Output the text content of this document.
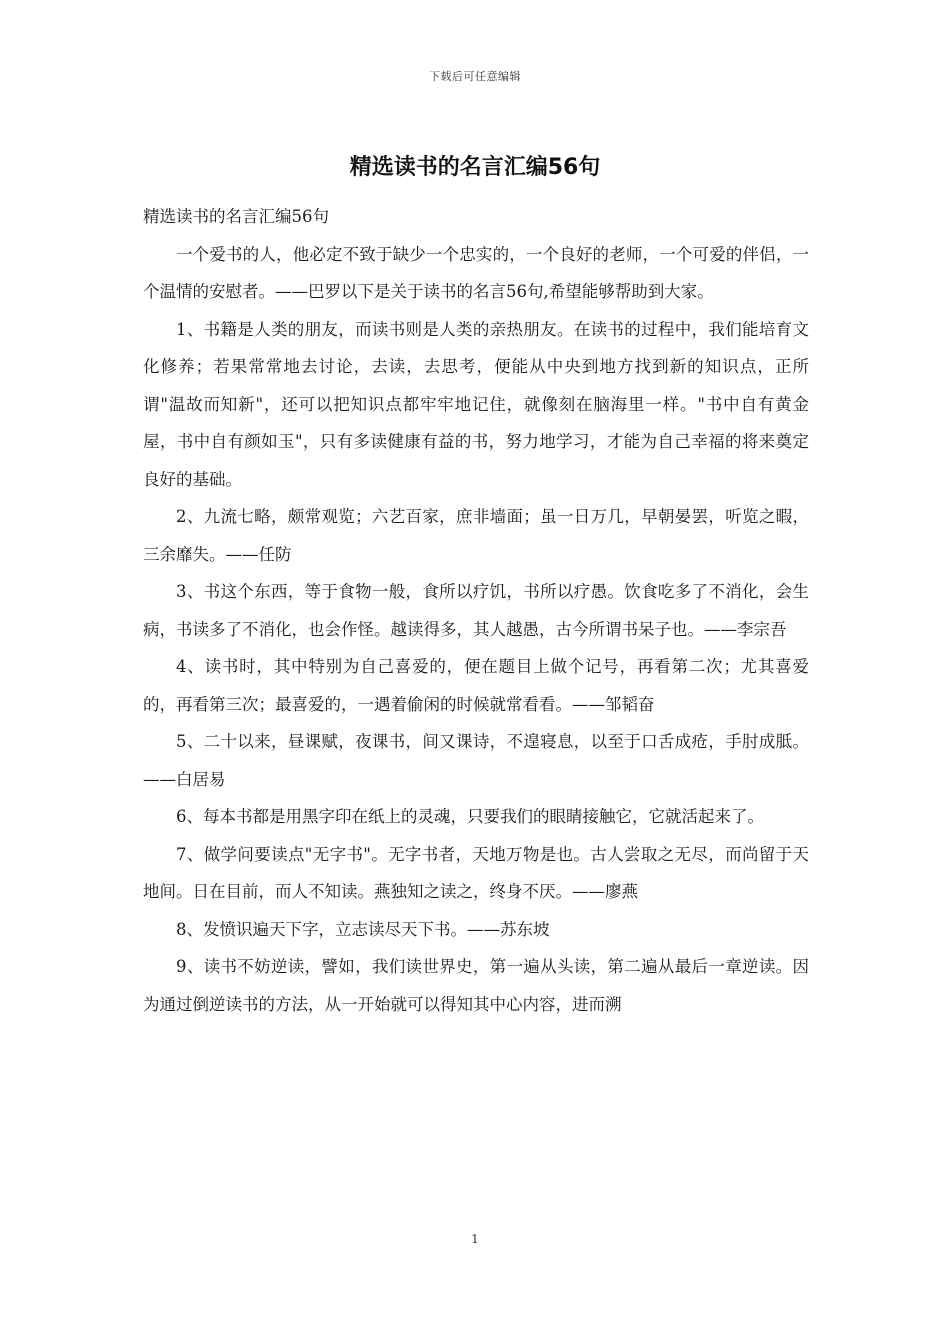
下载后可任意编辑
精选读书的名言汇编56句

精选读书的名言汇编56句

一个爱书的人，他必定不致于缺少一个忠实的，一个良好的老师，一个可爱的伴侣，一个温情的安慰者。——巴罗以下是关于读书的名言56句,希望能够帮助到大家。

1、书籍是人类的朋友，而读书则是人类的亲热朋友。在读书的过程中，我们能培育文化修养；若果常常地去讨论，去读，去思考，便能从中央到地方找到新的知识点，正所谓"温故而知新"，还可以把知识点都牢牢地记住，就像刻在脑海里一样。"书中自有黄金屋，书中自有颜如玉"，只有多读健康有益的书，努力地学习，才能为自己幸福的将来奠定良好的基础。

2、九流七略，颇常观览；六艺百家，庶非墙面；虽一日万几，早朝晏罢，听览之暇，三余靡失。——任防

3、书这个东西，等于食物一般，食所以疗饥，书所以疗愚。饮食吃多了不消化，会生病，书读多了不消化，也会作怪。越读得多，其人越愚，古今所谓书呆子也。——李宗吾

4、读书时，其中特别为自己喜爱的，便在题目上做个记号，再看第二次；尤其喜爱的，再看第三次；最喜爱的，一遇着偷闲的时候就常看看。——邹韬奋

5、二十以来，昼课赋，夜课书，间又课诗，不遑寝息，以至于口舌成疮，手肘成胝。——白居易

6、每本书都是用黑字印在纸上的灵魂，只要我们的眼睛接触它，它就活起来了。

7、做学问要读点"无字书"。无字书者，天地万物是也。古人尝取之无尽，而尚留于天地间。日在目前，而人不知读。燕独知之读之，终身不厌。——廖燕

8、发愤识遍天下字，立志读尽天下书。——苏东坡

9、读书不妨逆读，譬如，我们读世界史，第一遍从头读，第二遍从最后一章逆读。因为通过倒逆读书的方法，从一开始就可以得知其中心内容，进而溯

1
